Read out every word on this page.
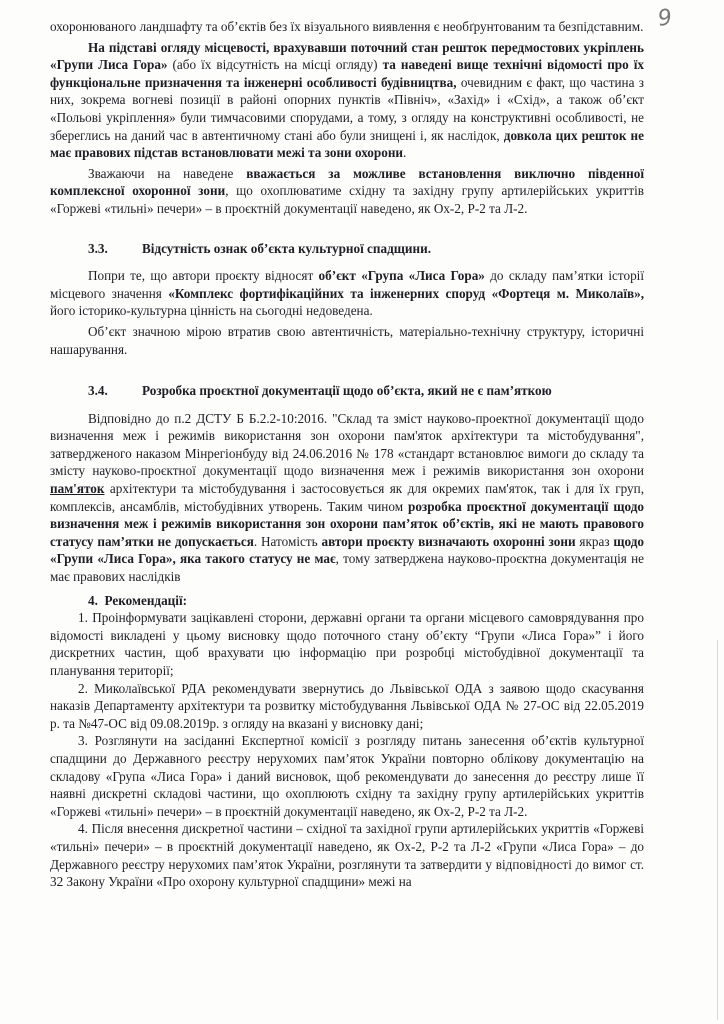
9

охоронюваного ландшафту та об’єктів без їх візуального виявлення є необґрунтованим та безпідставним.

На підставі огляду місцевості, врахувавши поточний стан решток передмостових укріплень «Групи Лиса Гора» (або їх відсутність на місці огляду) та наведені вище технічні відомості про їх функціональне призначення та інженерні особливості будівництва, очевидним є факт, що частина з них, зокрема вогневі позиції в районі опорних пунктів «Північ», «Захід» і «Схід», а також об’єкт «Польові укріплення» були тимчасовими спорудами, а тому, з огляду на конструктивні особливості, не збереглись на даний час в автентичному стані або були знищені і, як наслідок, довкола цих решток не має правових підстав встановлювати межі та зони охорони.

Зважаючи на наведене вважається за можливе встановлення виключно південної комплексної охоронної зони, що охоплюватиме східну та західну групу артилерійських укриттів «Горжеві «тильні» печери» – в проєктній документації наведено, як Ох-2, Р-2 та Л-2.

3.3.	Відсутність ознак об’єкта культурної спадщини.

Попри те, що автори проєкту відносят об’єкт «Група «Лиса Гора» до складу пам’ятки історії місцевого значення «Комплекс фортифікаційних та інженерних споруд «Фортеця м. Миколаїв», його історико-культурна цінність на сьогодні недоведена.

Об’єкт значною мірою втратив свою автентичність, матеріально-технічну структуру, історичні нашарування.

3.4.	Розробка проєктної документації щодо об’єкта, який не є пам’яткою

Відповідно до п.2 ДСТУ Б Б.2.2-10:2016. "Склад та зміст науково-проектної документації щодо визначення меж і режимів використання зон охорони пам'яток архітектури та містобудування", затвердженого наказом Мінрегіонбуду від 24.06.2016 № 178 «стандарт встановлює вимоги до складу та змісту науково-проєктної документації щодо визначення меж і режимів використання зон охорони пам'яток архітектури та містобудування і застосовується як для окремих пам'яток, так і для їх груп, комплексів, ансамблів, містобудівних утворень. Таким чином розробка проєктної документації щодо визначення меж і режимів використання зон охорони пам’яток об’єктів, які не мають правового статусу пам’ятки не допускається. Натомість автори проєкту визначають охоронні зони якраз щодо «Групи «Лиса Гора», яка такого статусу не має, тому затверджена науково-проєктна документація не має правових наслідків

4. Рекомендації:

1. Проінформувати зацікавлені сторони, державні органи та органи місцевого самоврядування про відомості викладені у цьому висновку щодо поточного стану об’єкту “Групи «Лиса Гора»” і його дискретних частин, щоб врахувати цю інформацію при розробці містобудівної документації та планування території;

2. Миколаївської РДА рекомендувати звернутись до Львівської ОДА з заявою щодо скасування наказів Департаменту архітектури та розвитку містобудування Львівської ОДА № 27-ОС від 22.05.2019 р. та №47-ОС від 09.08.2019р. з огляду на вказані у висновку дані;

3. Розглянути на засіданні Експертної комісії з розгляду питань занесення об’єктів культурної спадщини до Державного реєстру нерухомих пам’яток України повторно облікову документацію на складову «Група «Лиса Гора» і даний висновок, щоб рекомендувати до занесення до реєстру лише її наявні дискретні складові частини, що охоплюють східну та західну групу артилерійських укриттів «Горжеві «тильні» печери» – в проєктній документації наведено, як Ох-2, Р-2 та Л-2.

4. Після внесення дискретної частини – східної та західної групи артилерійських укриттів «Горжеві «тильні» печери» – в проєктній документації наведено, як Ох-2, Р-2 та Л-2 «Групи «Лиса Гора» – до Державного реєстру нерухомих пам’яток України, розглянути та затвердити у відповідності до вимог ст. 32 Закону України «Про охорону культурної спадщини» межі на
